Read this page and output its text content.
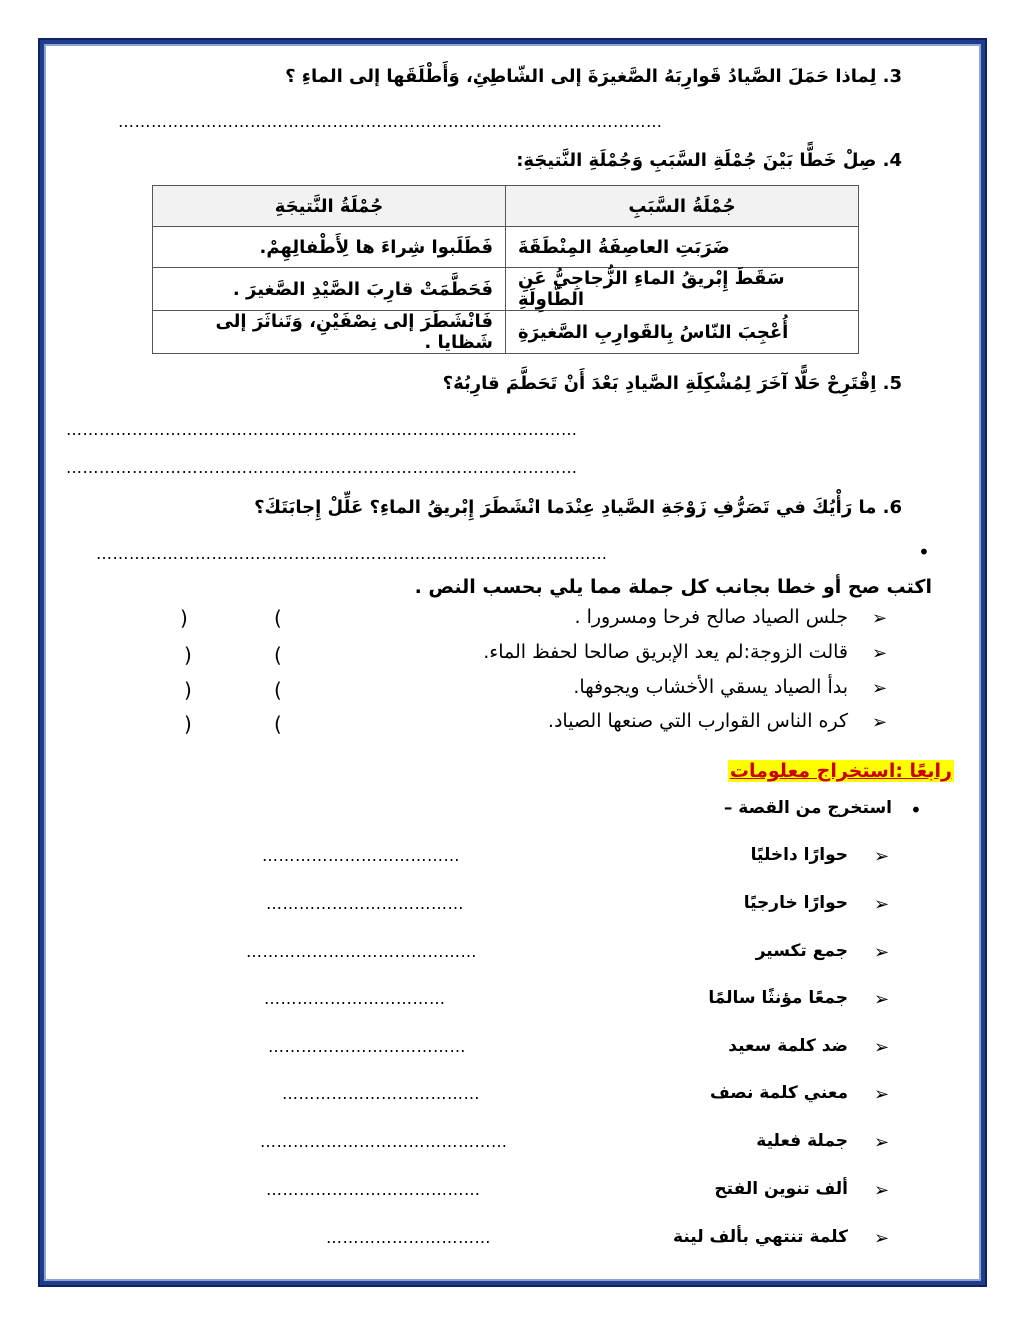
3. لِماذا حَمَلَ الصَّيادُ قَوارِبَهُ الصَّغيرَةَ إلى الشّاطِئِ، وَأَطْلَقَها إلى الماءِ ؟
………………………………………………………………………………………
4. صِلْ خَطًّا بَيْنَ جُمْلَةِ السَّبَبِ وَجُمْلَةِ النَّتيجَةِ:
جُمْلَةُ السَّبَبِ	جُمْلَةُ النَّتيجَةِ
ضَرَبَتِ العاصِفَةُ المِنْطَقَةَ	فَطَلَبوا شِراءَ ها لِأَطْفالِهِمْ.
سَقَطَ إِبْريقُ الماءِ الزُّجاجِيُّ عَنِ الطّاوِلَةِ	فَحَطَّمَتْ قارِبَ الصَّيْدِ الصَّغيرَ .
أُعْجِبَ النّاسُ بِالقَوارِبِ الصَّغيرَةِ	فَانْشَطَرَ إلى نِصْفَيْنِ، وَتَناثَرَ إلى شَظايا .
5. اِقْتَرِحْ حَلًّا آخَرَ لِمُشْكِلَةِ الصَّيادِ بَعْدَ أَنْ تَحَطَّمَ قارِبُهُ؟
…………………………………………………………………………………
…………………………………………………………………………………
6. ما رَأْيُكَ في تَصَرُّفِ زَوْجَةِ الصَّيادِ عِنْدَما انْشَطَرَ إِبْريقُ الماءِ؟ عَلِّلْ إِجابَتَكَ؟
•
…………………………………………………………………………………
اكتب صح أو خطا بجانب كل جملة مما يلي بحسب النص .
➢
جلس الصياد صالح فرحا ومسرورا .
(
)
➢
قالت الزوجة:لم يعد الإبريق صالحا لحفظ الماء.
(
)
➢
بدأ الصياد يسقي الأخشاب ويجوفها.
(
)
➢
كره الناس القوارب التي صنعها الصياد.
(
)
رابعًا :استخراج معلومات
•
استخرج من القصة –
➢
حوارًا داخليًا
………………………………
➢
حوارًا خارجيًا
………………………………
➢
جمع تكسير
……………………………………
➢
جمعًا مؤنثًا سالمًا
……………………………
➢
ضد كلمة سعيد
………………………………
➢
معني كلمة نصف
………………………………
➢
جملة فعلية
………………………………………
➢
ألف تنوين الفتح
…………………………………
➢
كلمة تنتهي بألف لينة
…………………………
